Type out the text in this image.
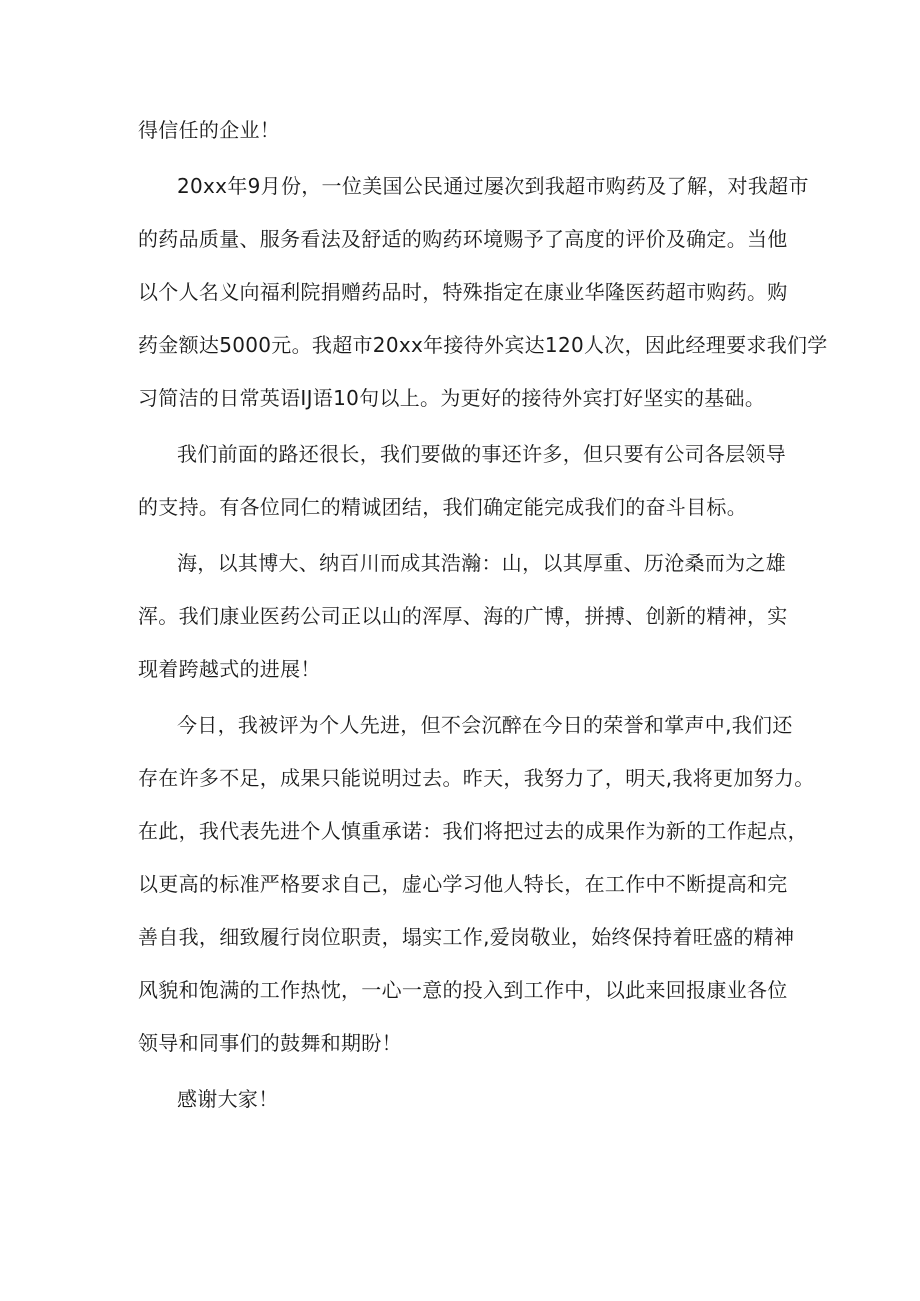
得信任的企业！
20xx年9月份，一位美国公民通过屡次到我超市购药及了解，对我超市
的药品质量、服务看法及舒适的购药环境赐予了高度的评价及确定。当他
以个人名义向福利院捐赠药品时，特殊指定在康业华隆医药超市购药。购
药金额达5000元。我超市20xx年接待外宾达120人次，因此经理要求我们学
习简洁的日常英语IJ语10句以上。为更好的接待外宾打好坚实的基础。
我们前面的路还很长，我们要做的事还许多，但只要有公司各层领导
的支持。有各位同仁的精诚团结，我们确定能完成我们的奋斗目标。
海，以其博大、纳百川而成其浩瀚：山，以其厚重、历沧桑而为之雄
浑。我们康业医药公司正以山的浑厚、海的广博，拼搏、创新的精神，实
现着跨越式的进展！
今日，我被评为个人先进，但不会沉醉在今日的荣誉和掌声中,我们还
存在许多不足，成果只能说明过去。昨天，我努力了，明天,我将更加努力。
在此，我代表先进个人慎重承诺：我们将把过去的成果作为新的工作起点，
以更高的标准严格要求自己，虚心学习他人特长，在工作中不断提高和完
善自我，细致履行岗位职责，塌实工作,爱岗敬业，始终保持着旺盛的精神
风貌和饱满的工作热忱，一心一意的投入到工作中，以此来回报康业各位
领导和同事们的鼓舞和期盼！
感谢大家！
